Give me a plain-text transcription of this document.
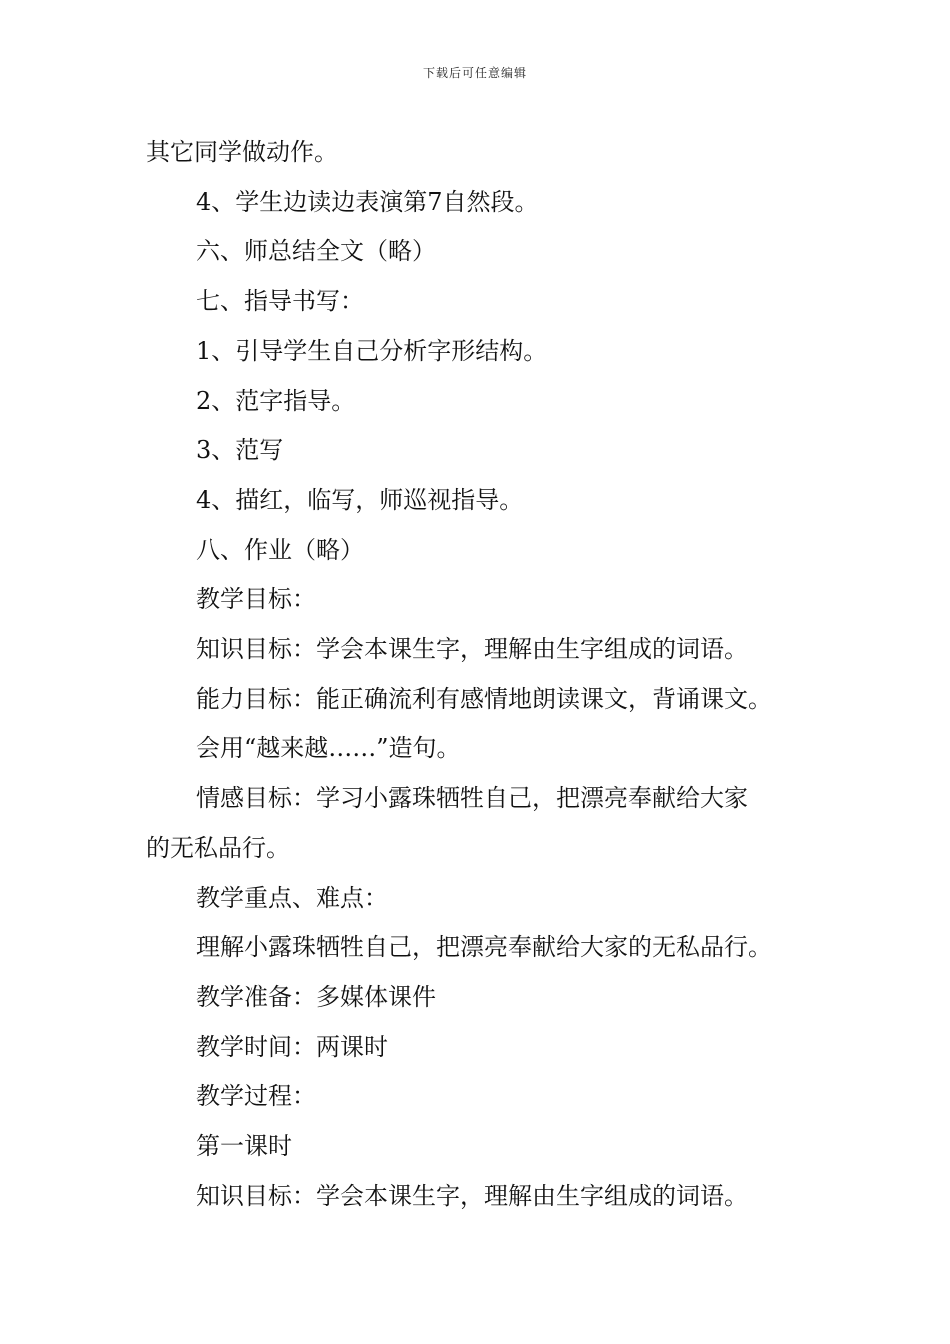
下载后可任意编辑

其它同学做动作。

4、学生边读边表演第7自然段。

六、师总结全文（略）

七、指导书写：

1、引导学生自己分析字形结构。

2、范字指导。

3、范写

4、描红，临写，师巡视指导。

八、作业（略）

教学目标：

知识目标：学会本课生字，理解由生字组成的词语。

能力目标：能正确流利有感情地朗读课文，背诵课文。

会用“越来越……”造句。

情感目标：学习小露珠牺牲自己，把漂亮奉献给大家

的无私品行。

教学重点、难点：

理解小露珠牺牲自己，把漂亮奉献给大家的无私品行。

教学准备：多媒体课件

教学时间：两课时

教学过程：

第一课时

知识目标：学会本课生字，理解由生字组成的词语。
